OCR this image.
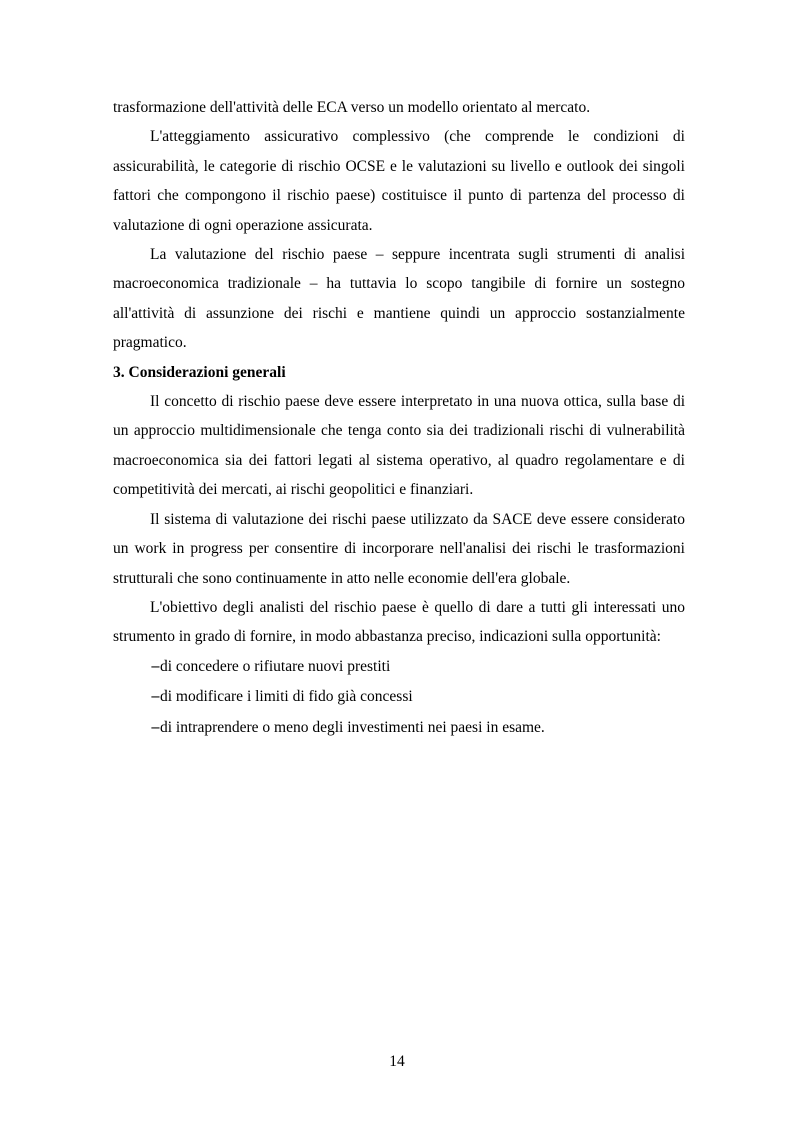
trasformazione dell'attività delle ECA verso un modello orientato al mercato.

L'atteggiamento assicurativo complessivo (che comprende le condizioni di assicurabilità, le categorie di rischio OCSE e le valutazioni su livello e outlook dei singoli fattori che compongono il rischio paese) costituisce il punto di partenza del processo di valutazione di ogni operazione assicurata.

La valutazione del rischio paese – seppure incentrata sugli strumenti di analisi macroeconomica tradizionale – ha tuttavia lo scopo tangibile di fornire un sostegno all'attività di assunzione dei rischi e mantiene quindi un approccio sostanzialmente pragmatico.

3. Considerazioni generali

Il concetto di rischio paese deve essere interpretato in una nuova ottica, sulla base di un approccio multidimensionale che tenga conto sia dei tradizionali rischi di vulnerabilità macroeconomica sia dei fattori legati al sistema operativo, al quadro regolamentare e di competitività dei mercati, ai rischi geopolitici e finanziari.

Il sistema di valutazione dei rischi paese utilizzato da SACE deve essere considerato un work in progress per consentire di incorporare nell'analisi dei rischi le trasformazioni strutturali che sono continuamente in atto nelle economie dell'era globale.

L'obiettivo degli analisti del rischio paese è quello di dare a tutti gli interessati uno strumento in grado di fornire, in modo abbastanza preciso, indicazioni sulla opportunità:

− di concedere o rifiutare nuovi prestiti
− di modificare i limiti di fido già concessi
− di intraprendere o meno degli investimenti nei paesi in esame.
14
